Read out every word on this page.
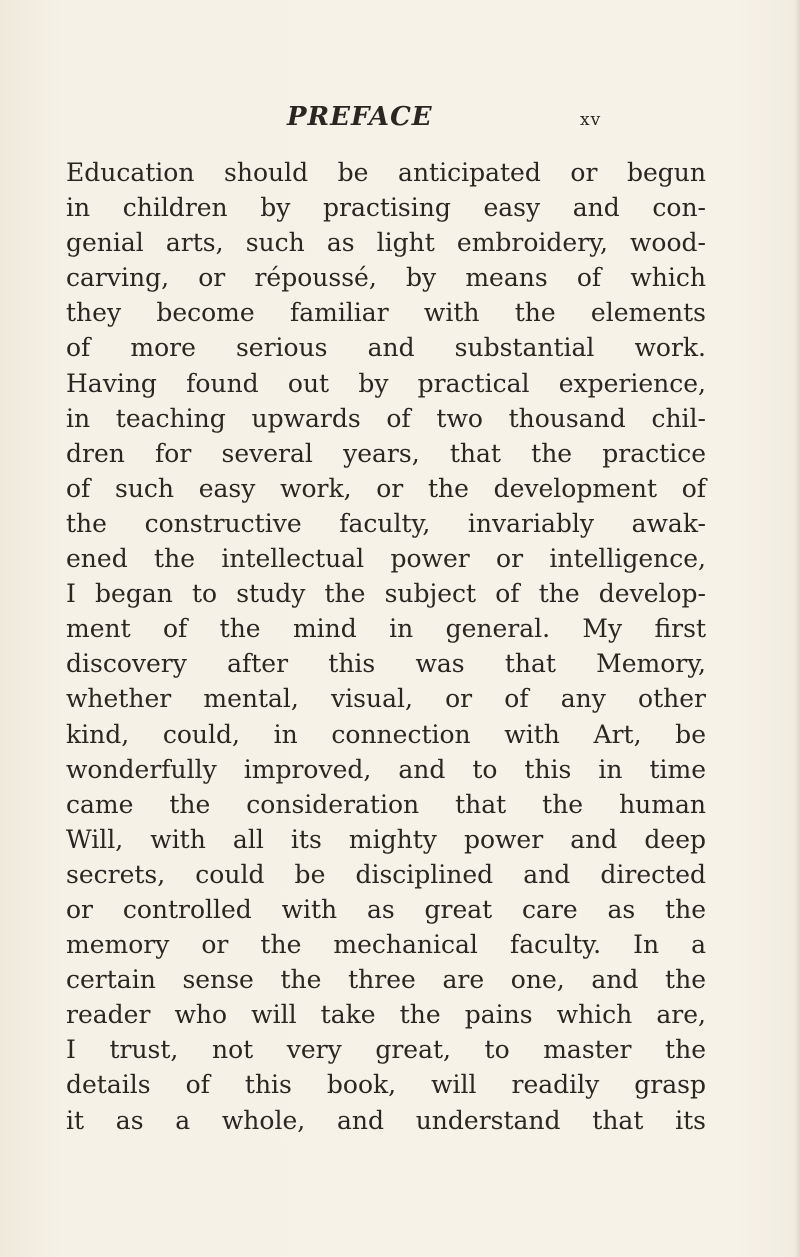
PREFACE	xv
Education should be anticipated or begun
in children by practising easy and con-
genial arts, such as light embroidery, wood-
carving, or répoussé, by means of which
they become familiar with the elements
of more serious and substantial work.
Having found out by practical experience,
in teaching upwards of two thousand chil-
dren for several years, that the practice
of such easy work, or the development of
the constructive faculty, invariably awak-
ened the intellectual power or intelligence,
I began to study the subject of the develop-
ment of the mind in general. My first
discovery after this was that Memory,
whether mental, visual, or of any other
kind, could, in connection with Art, be
wonderfully improved, and to this in time
came the consideration that the human
Will, with all its mighty power and deep
secrets, could be disciplined and directed
or controlled with as great care as the
memory or the mechanical faculty. In a
certain sense the three are one, and the
reader who will take the pains which are,
I trust, not very great, to master the
details of this book, will readily grasp
it as a whole, and understand that its
